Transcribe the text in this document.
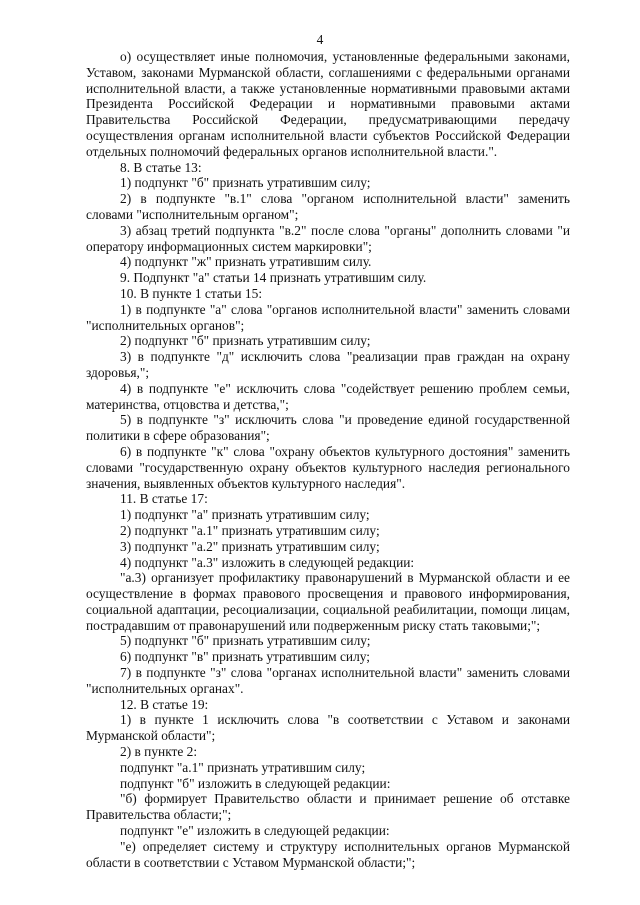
4

о) осуществляет иные полномочия, установленные федеральными законами, Уставом, законами Мурманской области, соглашениями с федеральными органами исполнительной власти, а также установленные нормативными правовыми актами Президента Российской Федерации и нормативными правовыми актами Правительства Российской Федерации, предусматривающими передачу осуществления органам исполнительной власти субъектов Российской Федерации отдельных полномочий федеральных органов исполнительной власти.".

8. В статье 13:

1) подпункт "б" признать утратившим силу;

2) в подпункте "в.1" слова "органом исполнительной власти" заменить словами "исполнительным органом";

3) абзац третий подпункта "в.2" после слова "органы" дополнить словами "и оператору информационных систем маркировки";

4) подпункт "ж" признать утратившим силу.

9. Подпункт "а" статьи 14 признать утратившим силу.

10. В пункте 1 статьи 15:

1) в подпункте "а" слова "органов исполнительной власти" заменить словами "исполнительных органов";

2) подпункт "б" признать утратившим силу;

3) в подпункте "д" исключить слова "реализации прав граждан на охрану здоровья,";

4) в подпункте "е" исключить слова "содействует решению проблем семьи, материнства, отцовства и детства,";

5) в подпункте "з" исключить слова "и проведение единой государственной политики в сфере образования";

6) в подпункте "к" слова "охрану объектов культурного достояния" заменить словами "государственную охрану объектов культурного наследия регионального значения, выявленных объектов культурного наследия".

11. В статье 17:

1) подпункт "а" признать утратившим силу;

2) подпункт "а.1" признать утратившим силу;

3) подпункт "а.2" признать утратившим силу;

4) подпункт "а.3" изложить в следующей редакции:

"а.3) организует профилактику правонарушений в Мурманской области и ее осуществление в формах правового просвещения и правового информирования, социальной адаптации, ресоциализации, социальной реабилитации, помощи лицам, пострадавшим от правонарушений или подверженным риску стать таковыми;";

5) подпункт "б" признать утратившим силу;

6) подпункт "в" признать утратившим силу;

7) в подпункте "з" слова "органах исполнительной власти" заменить словами "исполнительных органах".

12. В статье 19:

1) в пункте 1 исключить слова "в соответствии с Уставом и законами Мурманской области";

2) в пункте 2:

подпункт "а.1" признать утратившим силу;

подпункт "б" изложить в следующей редакции:

"б) формирует Правительство области и принимает решение об отставке Правительства области;";

подпункт "е" изложить в следующей редакции:

"е) определяет систему и структуру исполнительных органов Мурманской области в соответствии с Уставом Мурманской области;";
